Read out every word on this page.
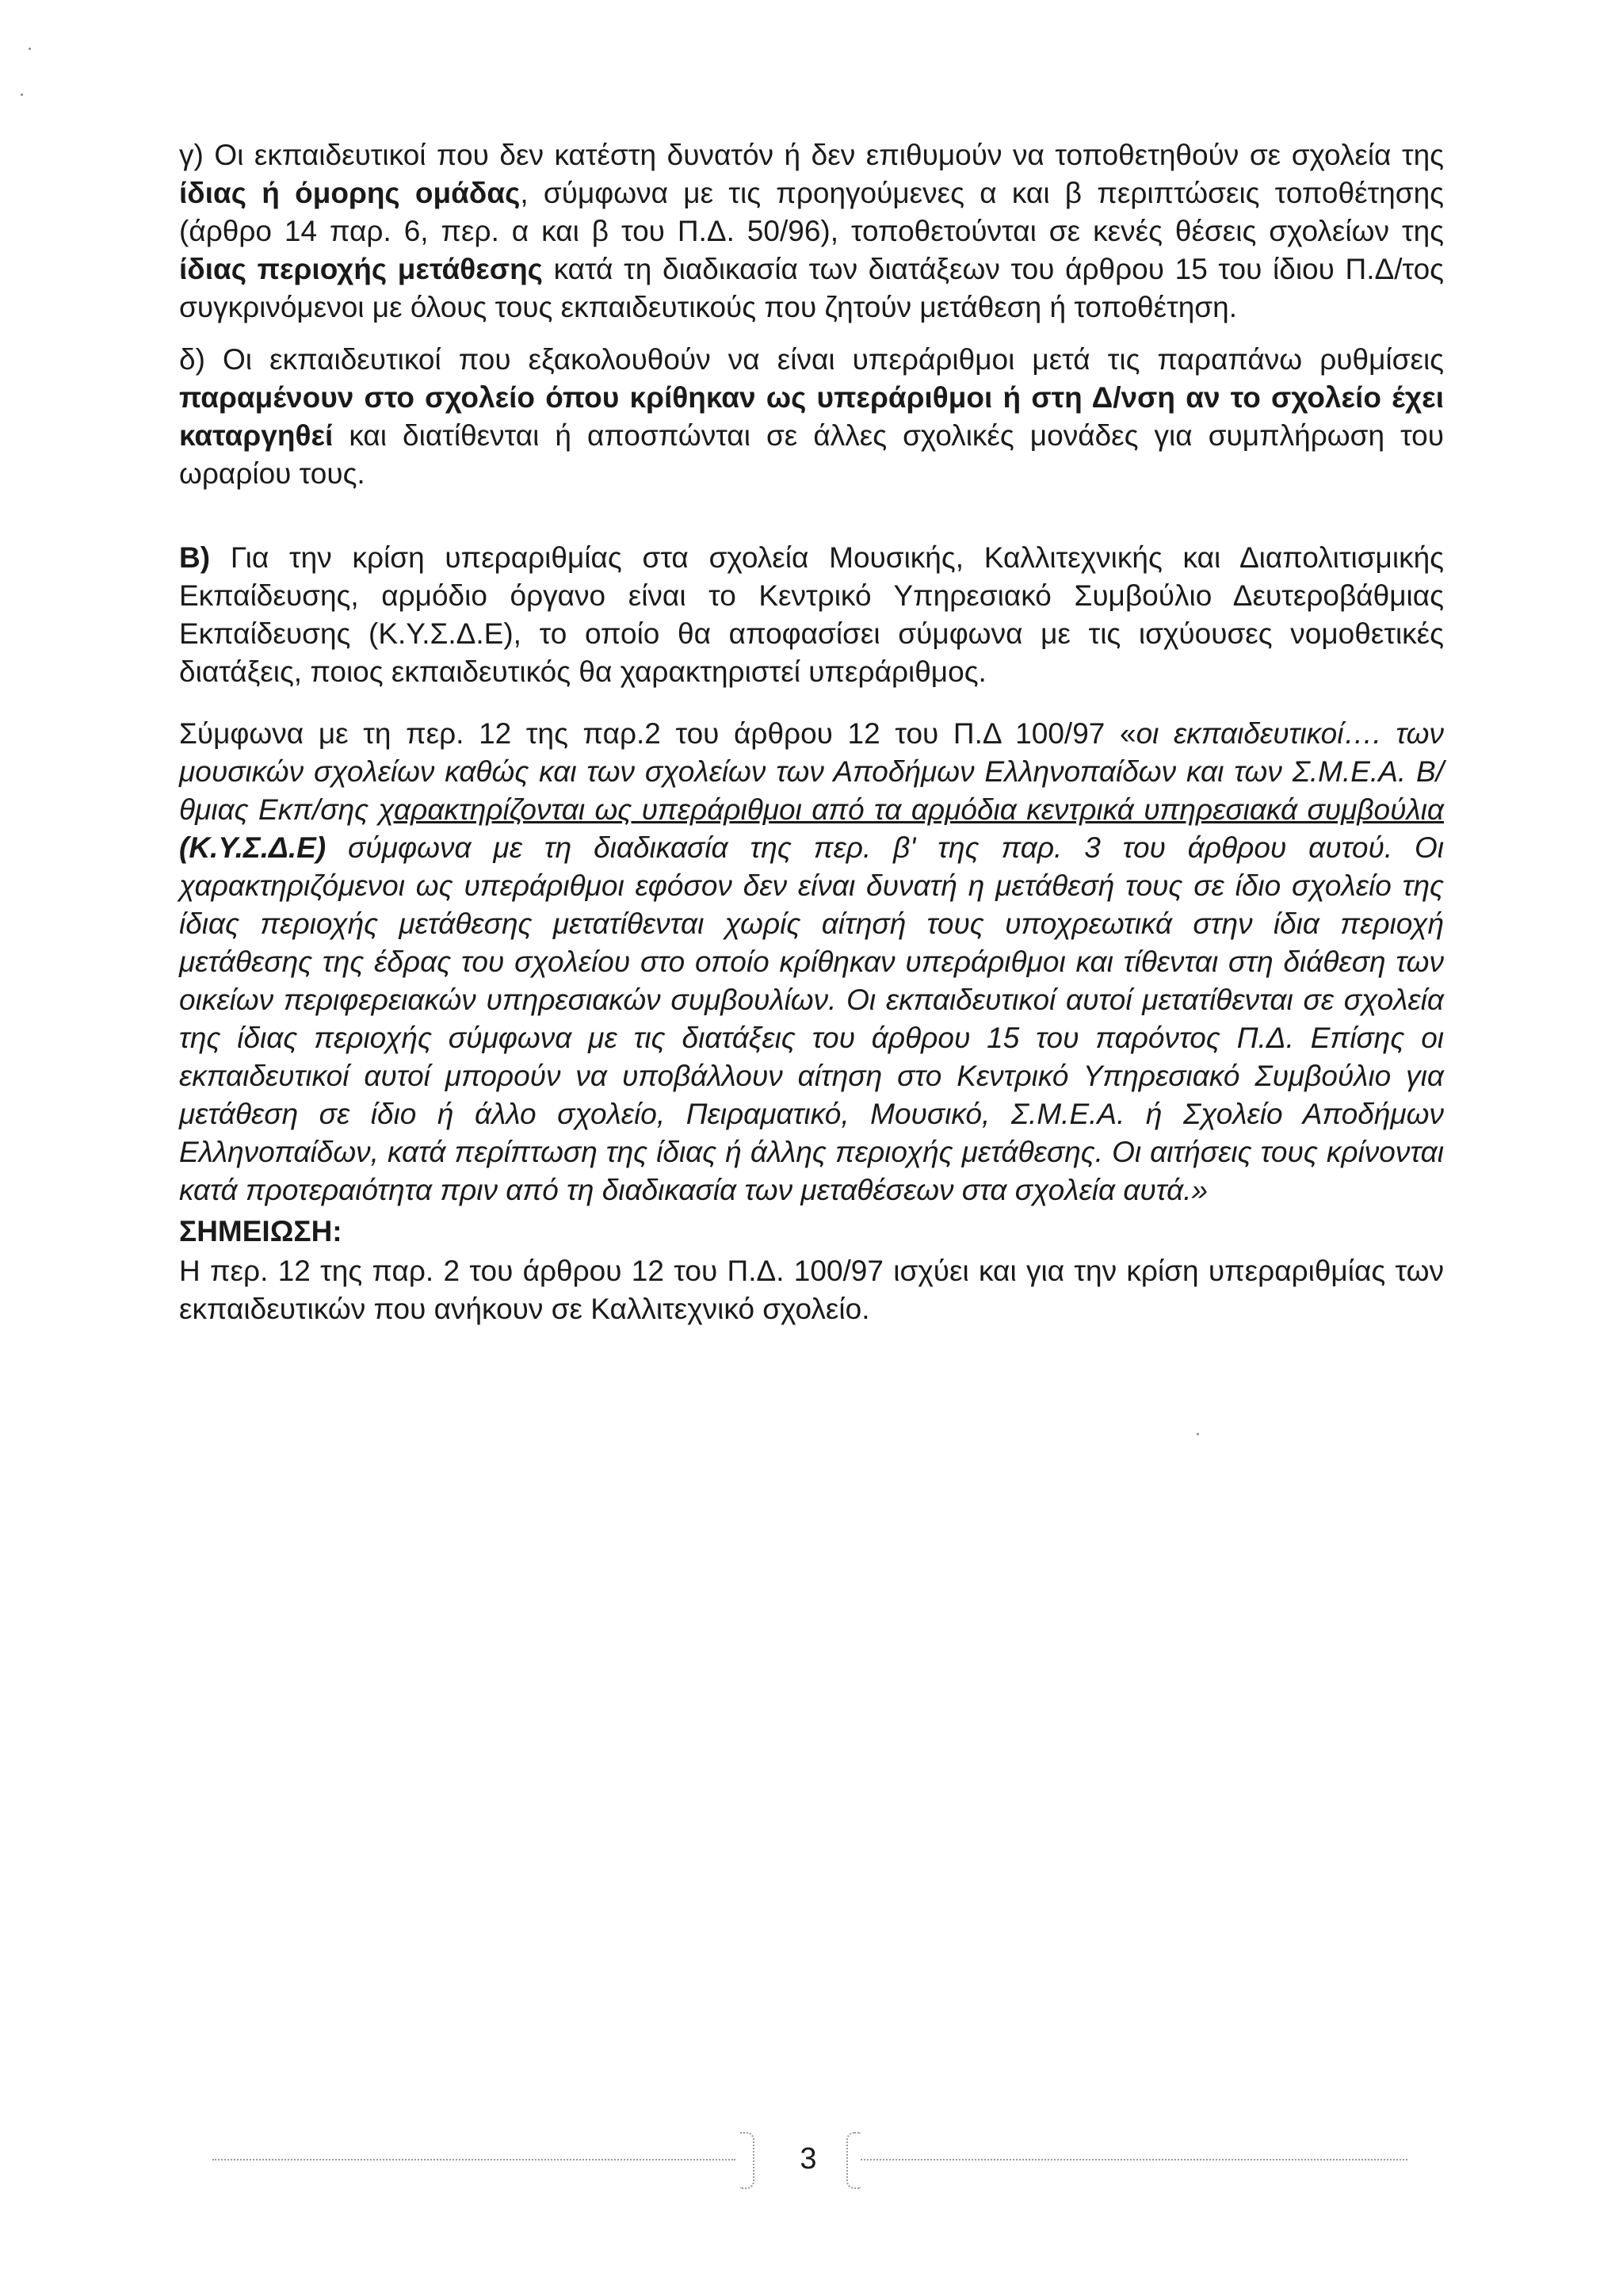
γ) Οι εκπαιδευτικοί που δεν κατέστη δυνατόν ή δεν επιθυμούν να τοποθετηθούν σε σχολεία της ίδιας ή όμορης ομάδας, σύμφωνα με τις προηγούμενες α και β περιπτώσεις τοποθέτησης (άρθρο 14 παρ. 6, περ. α και β του Π.Δ. 50/96), τοποθετούνται σε κενές θέσεις σχολείων της ίδιας περιοχής μετάθεσης κατά τη διαδικασία των διατάξεων του άρθρου 15 του ίδιου Π.Δ/τος συγκρινόμενοι με όλους τους εκπαιδευτικούς που ζητούν μετάθεση ή τοποθέτηση.

δ) Οι εκπαιδευτικοί που εξακολουθούν να είναι υπεράριθμοι μετά τις παραπάνω ρυθμίσεις παραμένουν στο σχολείο όπου κρίθηκαν ως υπεράριθμοι ή στη Δ/νση αν το σχολείο έχει καταργηθεί και διατίθενται ή αποσπώνται σε άλλες σχολικές μονάδες για συμπλήρωση του ωραρίου τους.

Β) Για την κρίση υπεραριθμίας στα σχολεία Μουσικής, Καλλιτεχνικής και Διαπολιτισμικής Εκπαίδευσης, αρμόδιο όργανο είναι το Κεντρικό Υπηρεσιακό Συμβούλιο Δευτεροβάθμιας Εκπαίδευσης (Κ.Υ.Σ.Δ.Ε), το οποίο θα αποφασίσει σύμφωνα με τις ισχύουσες νομοθετικές διατάξεις, ποιος εκπαιδευτικός θα χαρακτηριστεί υπεράριθμος.

Σύμφωνα με τη περ. 12 της παρ.2 του άρθρου 12 του Π.Δ 100/97 «οι εκπαιδευτικοί…. των μουσικών σχολείων καθώς και των σχολείων των Αποδήμων Ελληνοπαίδων και των Σ.Μ.Ε.Α. Β/θμιας Εκπ/σης χαρακτηρίζονται ως υπεράριθμοι από τα αρμόδια κεντρικά υπηρεσιακά συμβούλια (Κ.Υ.Σ.Δ.Ε) σύμφωνα με τη διαδικασία της περ. β' της παρ. 3 του άρθρου αυτού. Οι χαρακτηριζόμενοι ως υπεράριθμοι εφόσον δεν είναι δυνατή η μετάθεσή τους σε ίδιο σχολείο της ίδιας περιοχής μετάθεσης μετατίθενται χωρίς αίτησή τους υποχρεωτικά στην ίδια περιοχή μετάθεσης της έδρας του σχολείου στο οποίο κρίθηκαν υπεράριθμοι και τίθενται στη διάθεση των οικείων περιφερειακών υπηρεσιακών συμβουλίων. Οι εκπαιδευτικοί αυτοί μετατίθενται σε σχολεία της ίδιας περιοχής σύμφωνα με τις διατάξεις του άρθρου 15 του παρόντος Π.Δ. Επίσης οι εκπαιδευτικοί αυτοί μπορούν να υποβάλλουν αίτηση στο Κεντρικό Υπηρεσιακό Συμβούλιο για μετάθεση σε ίδιο ή άλλο σχολείο, Πειραματικό, Μουσικό, Σ.Μ.Ε.Α. ή Σχολείο Αποδήμων Ελληνοπαίδων, κατά περίπτωση της ίδιας ή άλλης περιοχής μετάθεσης. Οι αιτήσεις τους κρίνονται κατά προτεραιότητα πριν από τη διαδικασία των μεταθέσεων στα σχολεία αυτά.»

ΣΗΜΕΙΩΣΗ:

Η περ. 12 της παρ. 2 του άρθρου 12 του Π.Δ. 100/97 ισχύει και για την κρίση υπεραριθμίας των εκπαιδευτικών που ανήκουν σε Καλλιτεχνικό σχολείο.

3
